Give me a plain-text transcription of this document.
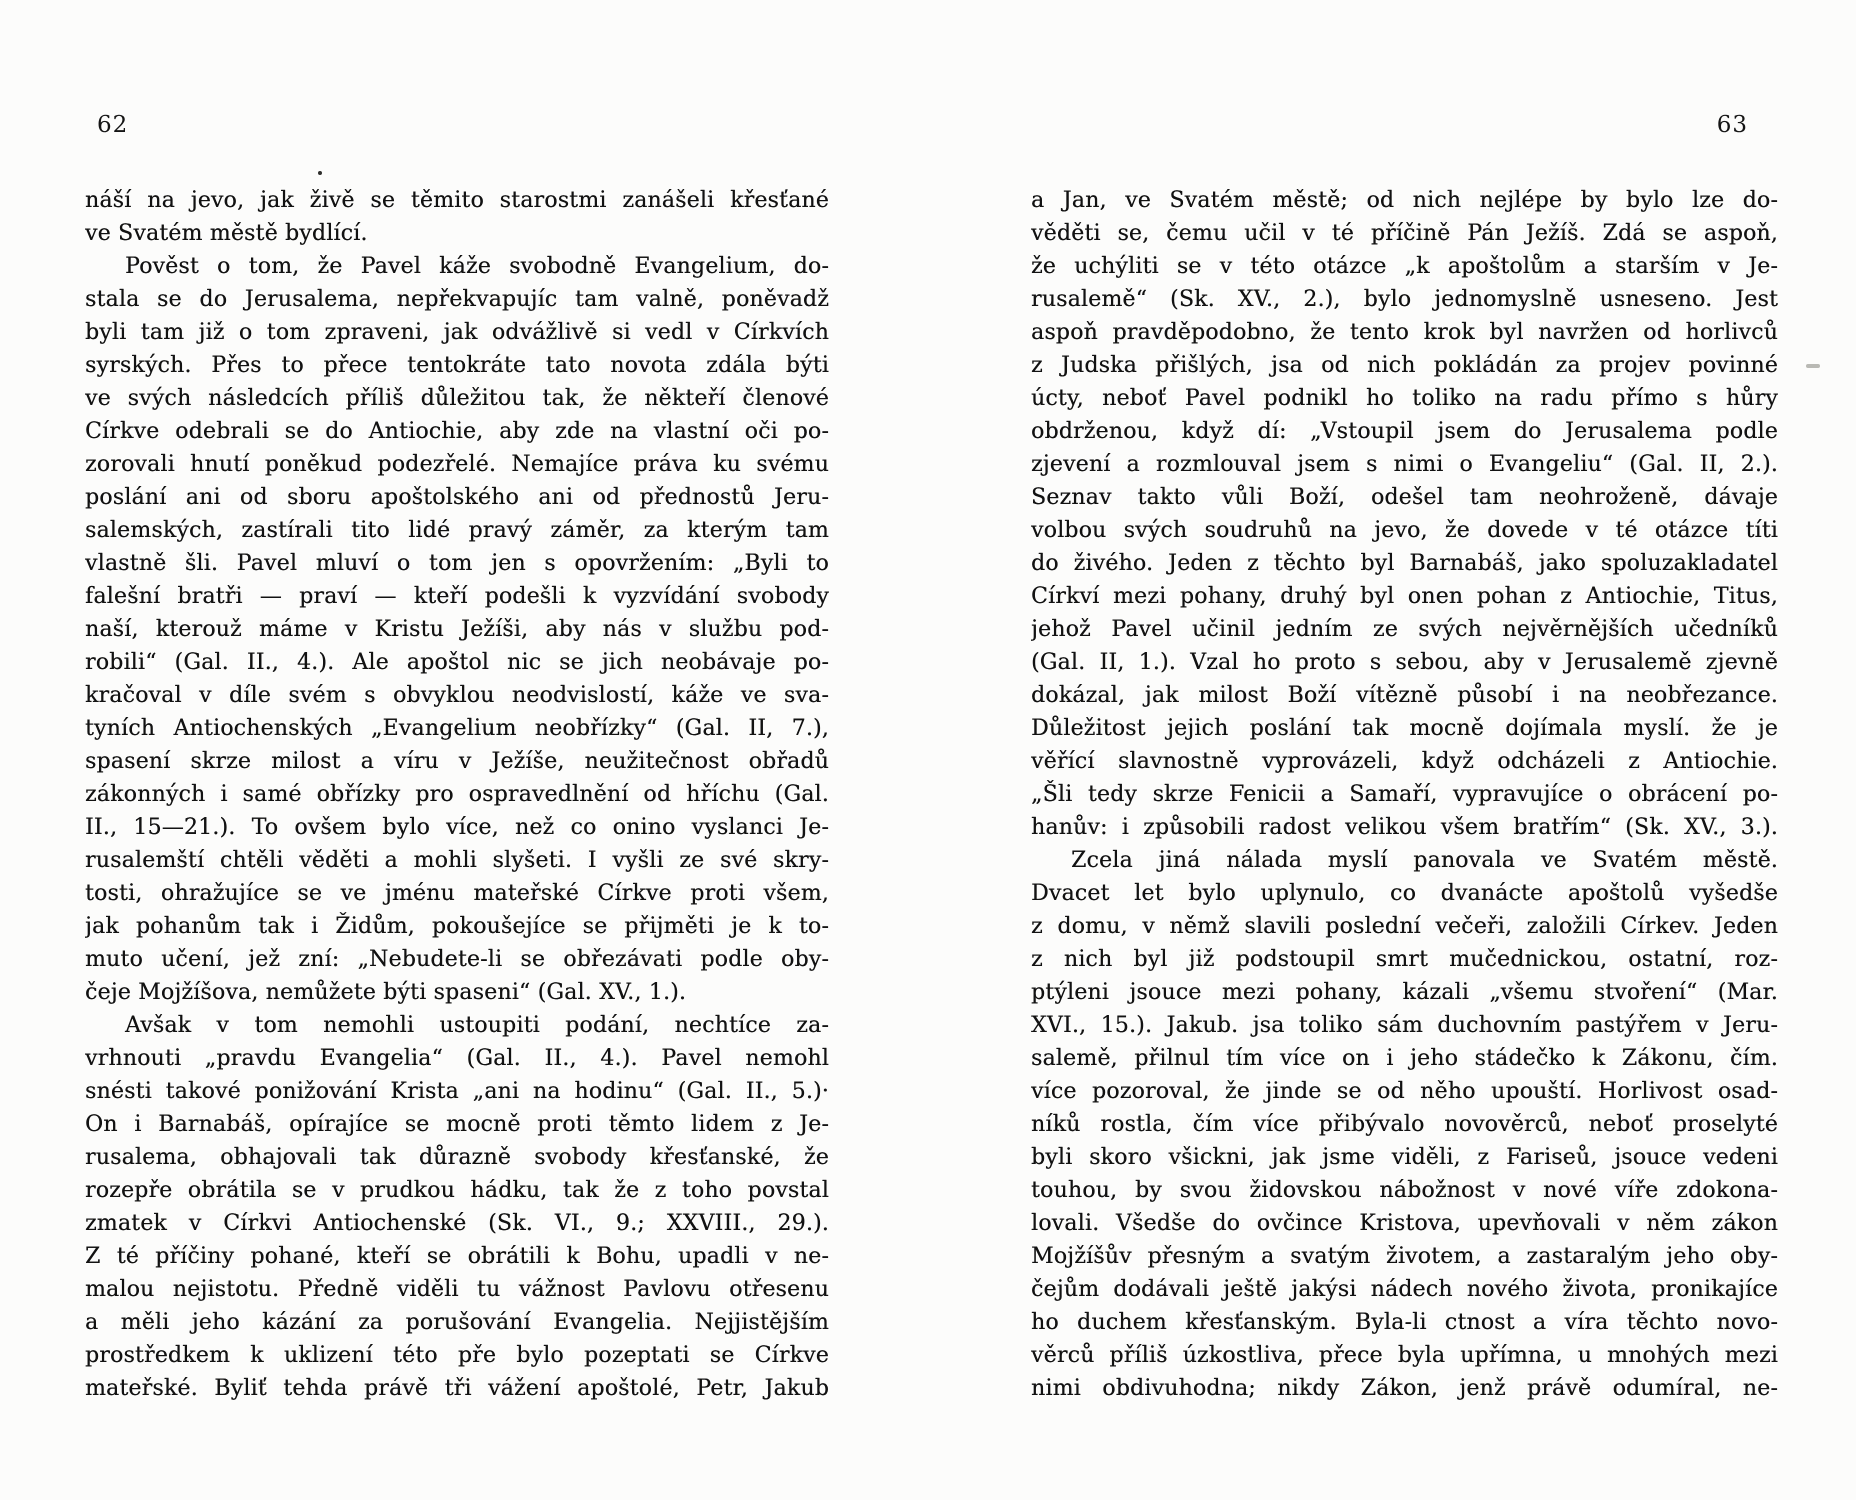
62	63
náší na jevo, jak živě se těmito starostmi zanášeli křesťané
ve Svatém městě bydlící.
Pověst o tom, že Pavel káže svobodně Evangelium, do-
stala se do Jerusalema, nepřekvapujíc tam valně, poněvadž
byli tam již o tom zpraveni, jak odvážlivě si vedl v Církvích
syrských. Přes to přece tentokráte tato novota zdála býti
ve svých následcích příliš důležitou tak, že někteří členové
Církve odebrali se do Antiochie, aby zde na vlastní oči po-
zorovali hnutí poněkud podezřelé. Nemajíce práva ku svému
poslání ani od sboru apoštolského ani od přednostů Jeru-
salemských, zastírali tito lidé pravý záměr, za kterým tam
vlastně šli. Pavel mluví o tom jen s opovržením: „Byli to
falešní bratři — praví — kteří podešli k vyzvídání svobody
naší, kterouž máme v Kristu Ježíši, aby nás v službu pod-
robili“ (Gal. II., 4.). Ale apoštol nic se jich neobávaje po-
kračoval v díle svém s obvyklou neodvislostí, káže ve sva-
tyních Antiochenských „Evangelium neobřízky“ (Gal. II, 7.),
spasení skrze milost a víru v Ježíše, neužitečnost obřadů
zákonných i samé obřízky pro ospravedlnění od hříchu (Gal.
II., 15—21.). To ovšem bylo více, než co onino vyslanci Je-
rusalemští chtěli věděti a mohli slyšeti. I vyšli ze své skry-
tosti, ohražujíce se ve jménu mateřské Církve proti všem,
jak pohanům tak i Židům, pokoušejíce se přijměti je k to-
muto učení, jež zní: „Nebudete-li se obřezávati podle oby-
čeje Mojžíšova, nemůžete býti spaseni“ (Gal. XV., 1.).
Avšak v tom nemohli ustoupiti podání, nechtíce za-
vrhnouti „pravdu Evangelia“ (Gal. II., 4.). Pavel nemohl
snésti takové ponižování Krista „ani na hodinu“ (Gal. II., 5.)·
On i Barnabáš, opírajíce se mocně proti těmto lidem z Je-
rusalema, obhajovali tak důrazně svobody křesťanské, že
rozepře obrátila se v prudkou hádku, tak že z toho povstal
zmatek v Církvi Antiochenské (Sk. VI., 9.; XXVIII., 29.).
Z té příčiny pohané, kteří se obrátili k Bohu, upadli v ne-
malou nejistotu. Předně viděli tu vážnost Pavlovu otřesenu
a měli jeho kázání za porušování Evangelia. Nejjistějším
prostředkem k uklizení této pře bylo pozeptati se Církve
mateřské. Byliť tehda právě tři vážení apoštolé, Petr, Jakub
a Jan, ve Svatém městě; od nich nejlépe by bylo lze do-
věděti se, čemu učil v té příčině Pán Ježíš. Zdá se aspoň,
že uchýliti se v této otázce „k apoštolům a starším v Je-
rusalemě“ (Sk. XV., 2.), bylo jednomyslně usneseno. Jest
aspoň pravděpodobno, že tento krok byl navržen od horlivců
z Judska přišlých, jsa od nich pokládán za projev povinné
úcty, neboť Pavel podnikl ho toliko na radu přímo s hůry
obdrženou, když dí: „Vstoupil jsem do Jerusalema podle
zjevení a rozmlouval jsem s nimi o Evangeliu“ (Gal. II, 2.).
Seznav takto vůli Boží, odešel tam neohroženě, dávaje
volbou svých soudruhů na jevo, že dovede v té otázce títi
do živého. Jeden z těchto byl Barnabáš, jako spoluzakladatel
Církví mezi pohany, druhý byl onen pohan z Antiochie, Titus,
jehož Pavel učinil jedním ze svých nejvěrnějších učedníků
(Gal. II, 1.). Vzal ho proto s sebou, aby v Jerusalemě zjevně
dokázal, jak milost Boží vítězně působí i na neobřezance.
Důležitost jejich poslání tak mocně dojímala myslí. že je
věřící slavnostně vyprovázeli, když odcházeli z Antiochie.
„Šli tedy skrze Fenicii a Samaří, vypravujíce o obrácení po-
hanův: i způsobili radost velikou všem bratřím“ (Sk. XV., 3.).
Zcela jiná nálada myslí panovala ve Svatém městě.
Dvacet let bylo uplynulo, co dvanácte apoštolů vyšedše
z domu, v němž slavili poslední večeři, založili Církev. Jeden
z nich byl již podstoupil smrt mučednickou, ostatní, roz-
ptýleni jsouce mezi pohany, kázali „všemu stvoření“ (Mar.
XVI., 15.). Jakub. jsa toliko sám duchovním pastýřem v Jeru-
salemě, přilnul tím více on i jeho stádečko k Zákonu, čím.
více pozoroval, že jinde se od něho upouští. Horlivost osad-
níků rostla, čím více přibývalo novověrců, neboť proselyté
byli skoro všickni, jak jsme viděli, z Fariseů, jsouce vedeni
touhou, by svou židovskou nábožnost v nové víře zdokona-
lovali. Všedše do ovčince Kristova, upevňovali v něm zákon
Mojžíšův přesným a svatým životem, a zastaralým jeho oby-
čejům dodávali ještě jakýsi nádech nového života, pronikajíce
ho duchem křesťanským. Byla-li ctnost a víra těchto novo-
věrců příliš úzkostliva, přece byla upřímna, u mnohých mezi
nimi obdivuhodna; nikdy Zákon, jenž právě odumíral, ne-
